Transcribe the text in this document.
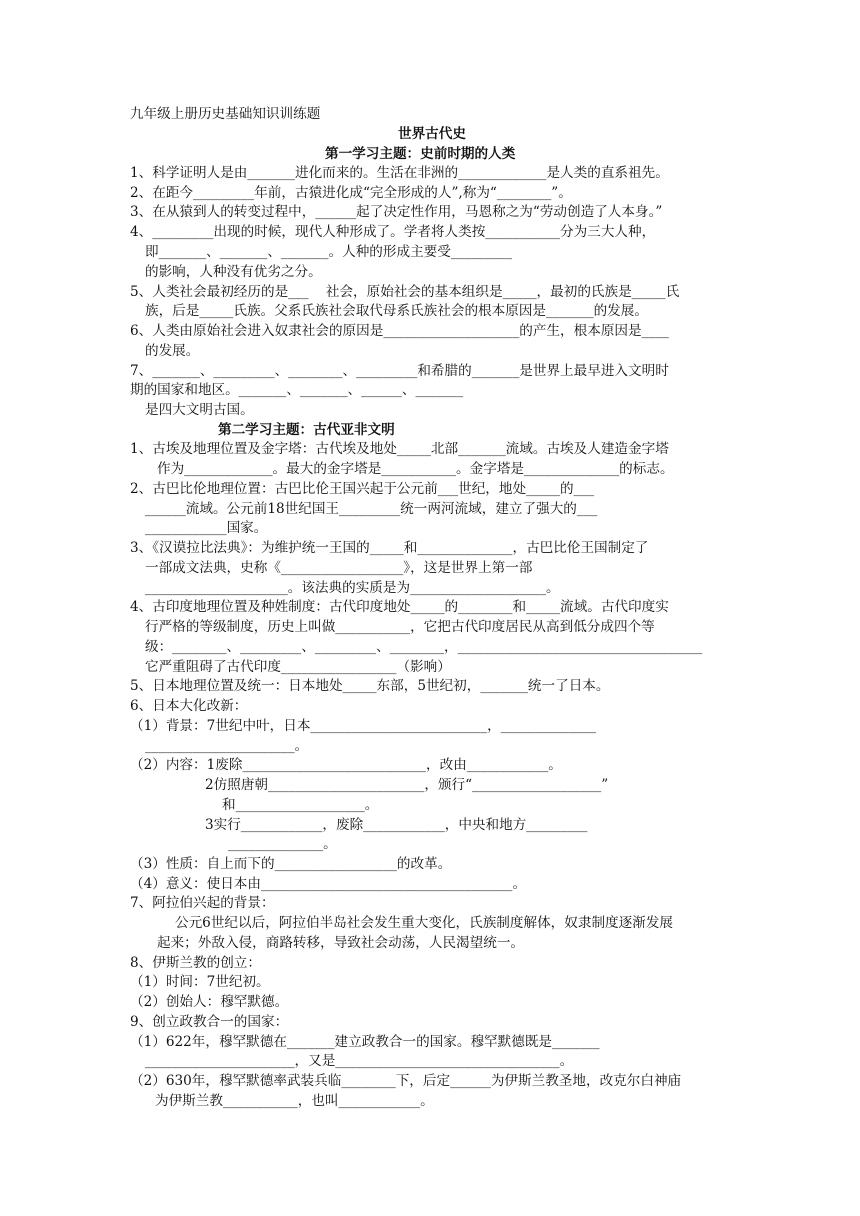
九年级上册历史基础知识训练题
世界古代史
第一学习主题：史前时期的人类
1、科学证明人是由_______进化而来的。生活在非洲的_____________是人类的直系祖先。
2、在距今_________年前，古猿进化成“完全形成的人”,称为“________”。
3、在从猿到人的转变过程中，______起了决定性作用，马恩称之为“劳动创造了人本身。”
4、_________出现的时候，现代人种形成了。学者将人类按___________分为三大人种，
即_______、_______、_______。人种的形成主要受_________
的影响，人种没有优劣之分。
5、人类社会最初经历的是___    社会，原始社会的基本组织是_____，最初的氏族是_____氏
族，后是_____氏族。父系氏族社会取代母系氏族社会的根本原因是_______的发展。
6、人类由原始社会进入奴隶社会的原因是____________________的产生，根本原因是____
的发展。
7、_______、_________、________、_________和希腊的_______是世界上最早进入文明时
期的国家和地区。_______、_______、______、_______
是四大文明古国。
第二学习主题：古代亚非文明
1、古埃及地理位置及金字塔：古代埃及地处_____北部_______流域。古埃及人建造金字塔
作为_____________。最大的金字塔是___________。金字塔是______________的标志。
2、古巴比伦地理位置：古巴比伦王国兴起于公元前___世纪，地处_____的___
______流域。公元前18世纪国王_________统一两河流域，建立了强大的___
____________国家。
3、《汉谟拉比法典》：为维护统一王国的_____和______________，古巴比伦王国制定了
一部成文法典，史称《__________________》，这是世界上第一部
_____________________。该法典的实质是为____________________。
4、古印度地理位置及种姓制度：古代印度地处_____的________和_____流域。古代印度实
行严格的等级制度，历史上叫做___________，它把古代印度居民从高到低分成四个等
级：________、_________、_________、________，____________________________________
它严重阻碍了古代印度_________________（影响）
5、日本地理位置及统一：日本地处_____东部，5世纪初，_______统一了日本。
6、日本大化改新：
（1）背景：7世纪中叶，日本__________________________，______________
______________________。
（2）内容：1废除___________________________，改由____________。
2仿照唐朝_______________________，颁行“___________________”
和___________________。
3实行____________，废除____________，中央和地方_________
______________。
（3）性质：自上而下的__________________的改革。
（4）意义：使日本由_____________________________________。
7、阿拉伯兴起的背景：
公元6世纪以后，阿拉伯半岛社会发生重大变化，氏族制度解体，奴隶制度逐渐发展
起来；外敌入侵，商路转移，导致社会动荡，人民渴望统一。
8、伊斯兰教的创立：
（1）时间：7世纪初。
（2）创始人：穆罕默德。
9、创立政教合一的国家：
（1）622年，穆罕默德在_______建立政教合一的国家。穆罕默德既是_______
______________________，又是_________________________________。
（2）630年，穆罕默德率武装兵临________下，后定______为伊斯兰教圣地，改克尔白神庙
为伊斯兰教___________，也叫____________。
